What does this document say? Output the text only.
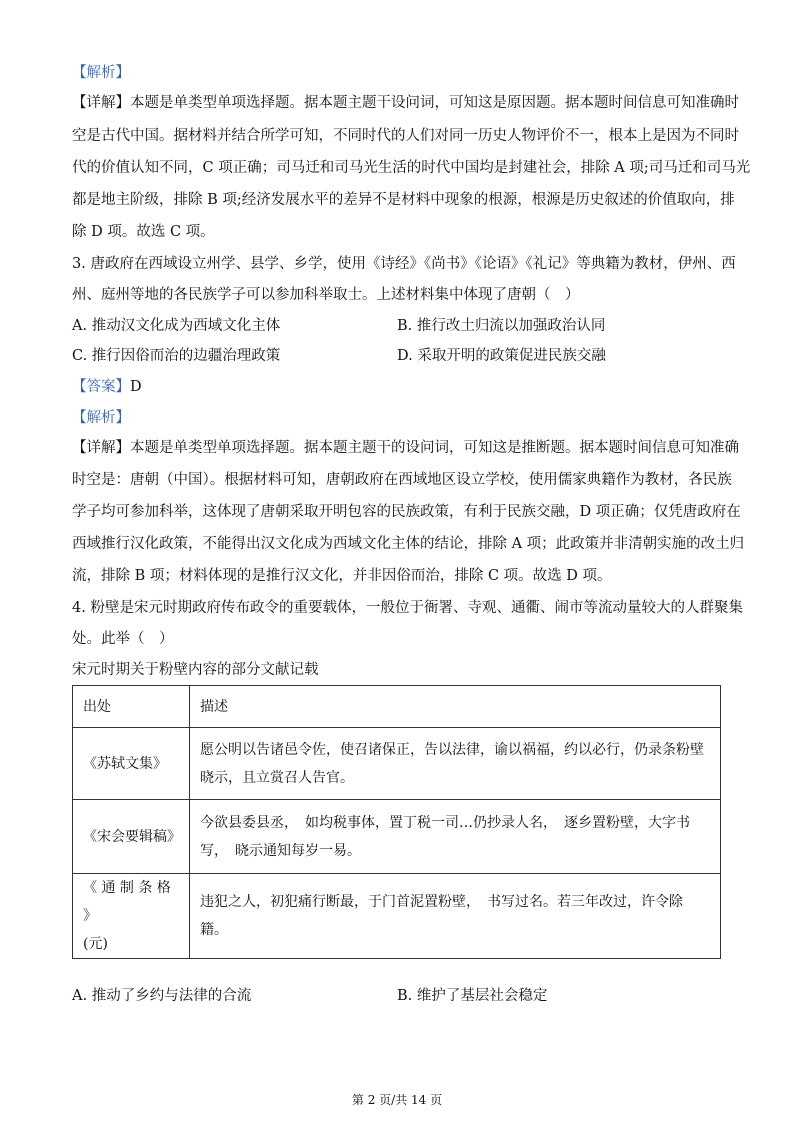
【解析】
【详解】本题是单类型单项选择题。据本题主题干设问词，可知这是原因题。据本题时间信息可知准确时
空是古代中国。据材料并结合所学可知，不同时代的人们对同一历史人物评价不一，根本上是因为不同时
代的价值认知不同，C 项正确；司马迁和司马光生活的时代中国均是封建社会，排除 A 项;司马迁和司马光
都是地主阶级，排除 B 项;经济发展水平的差异不是材料中现象的根源，根源是历史叙述的价值取向，排
除 D 项。故选 C 项。
3. 唐政府在西域设立州学、县学、乡学，使用《诗经》《尚书》《论语》《礼记》等典籍为教材，伊州、西
州、庭州等地的各民族学子可以参加科举取士。上述材料集中体现了唐朝（　）
A. 推动汉文化成为西域文化主体	B. 推行改土归流以加强政治认同
C. 推行因俗而治的边疆治理政策	D. 采取开明的政策促进民族交融
【答案】D
【解析】
【详解】本题是单类型单项选择题。据本题主题干的设问词，可知这是推断题。据本题时间信息可知准确
时空是：唐朝（中国）。根据材料可知，唐朝政府在西域地区设立学校，使用儒家典籍作为教材，各民族
学子均可参加科举，这体现了唐朝采取开明包容的民族政策，有利于民族交融，D 项正确；仅凭唐政府在
西域推行汉化政策，不能得出汉文化成为西域文化主体的结论，排除 A 项；此政策并非清朝实施的改土归
流，排除 B 项；材料体现的是推行汉文化，并非因俗而治，排除 C 项。故选 D 项。
4. 粉壁是宋元时期政府传布政令的重要载体，一般位于衙署、寺观、通衢、闹市等流动量较大的人群聚集
处。此举（　）
宋元时期关于粉壁内容的部分文献记载
出处	描述

《苏轼文集》	愿公明以告诸邑令佐，使召诸保正，告以法律，谕以祸福，约以必行，仍录条粉壁
晓示，且立赏召人告官。

《宋会要辑稿》	今欲县委县丞，　如均税事体，置丁税一司…仍抄录人名，　逐乡置粉壁，大字书
写，　晓示通知每岁一易。

《 通 制 条 格 》
(元)	违犯之人，初犯痛行断最，于门首泥置粉壁，　书写过名。若三年改过，许令除籍。
A. 推动了乡约与法律的合流	B. 维护了基层社会稳定
第 2 页/共 14 页
